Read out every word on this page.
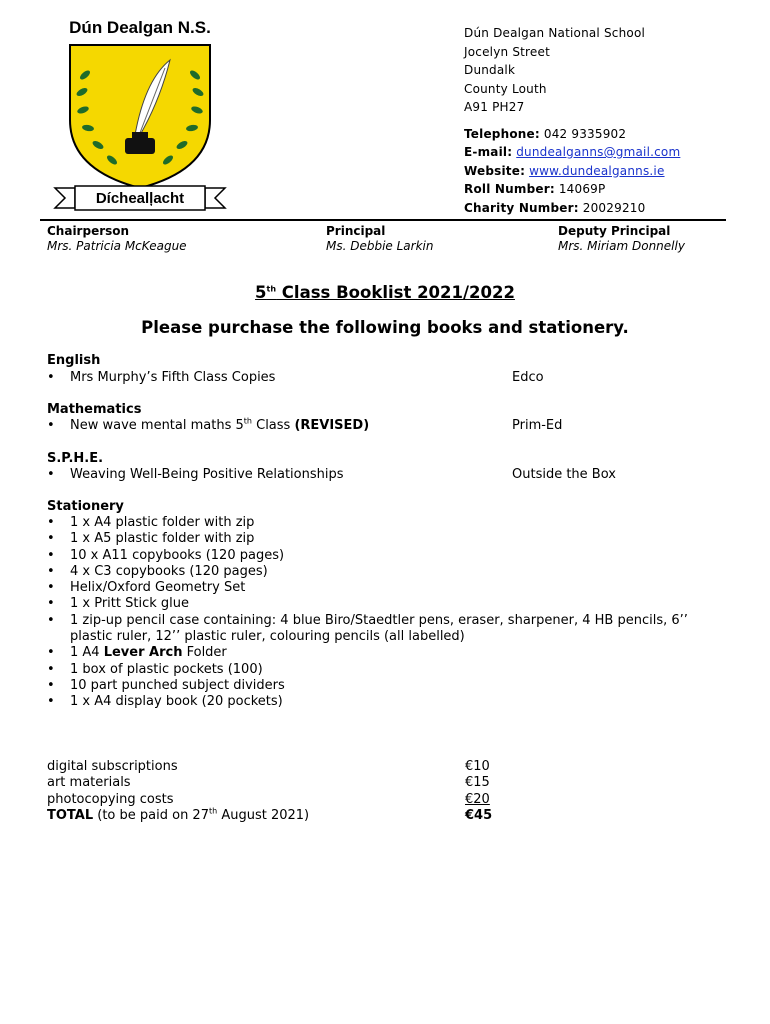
Dún Dealgan N.S.
Díchealļacht
Dún Dealgan National School
Jocelyn Street
Dundalk
County Louth
A91 PH27
Telephone: 042 9335902
E-mail: dundealganns@gmail.com
Website: www.dundealganns.ie
Roll Number: 14069P
Charity Number: 20029210
Chairperson
Mrs. Patricia McKeague
Principal
Ms. Debbie Larkin
Deputy Principal
Mrs. Miriam Donnelly
5th Class Booklist 2021/2022
Please purchase the following books and stationery.
English
• Mrs Murphy’s Fifth Class Copies	Edco
Mathematics
• New wave mental maths 5th Class (REVISED)	Prim-Ed
S.P.H.E.
• Weaving Well-Being Positive Relationships	Outside the Box
Stationery
• 1 x A4 plastic folder with zip
• 1 x A5 plastic folder with zip
• 10 x A11 copybooks (120 pages)
• 4 x C3 copybooks (120 pages)
• Helix/Oxford Geometry Set
• 1 x Pritt Stick glue
• 1 zip-up pencil case containing: 4 blue Biro/Staedtler pens, eraser, sharpener, 4 HB pencils, 6’’ plastic ruler, 12’’ plastic ruler, colouring pencils (all labelled)
• 1 A4 Lever Arch Folder
• 1 box of plastic pockets (100)
• 10 part punched subject dividers
• 1 x A4 display book (20 pockets)
digital subscriptions	€10
art materials	€15
photocopying costs	€20
TOTAL (to be paid on 27th August 2021)	€45
